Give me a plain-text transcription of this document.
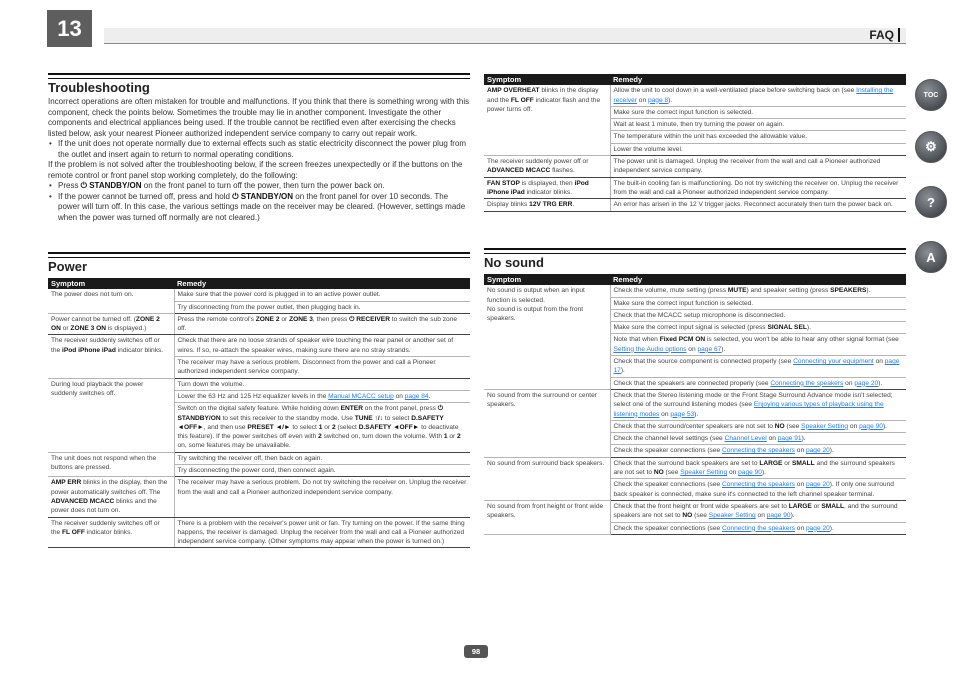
13	FAQ
Troubleshooting

Incorrect operations are often mistaken for trouble and malfunctions. If you think that there is something wrong with this component, check the points below. Sometimes the trouble may lie in another component. Investigate the other components and electrical appliances being used. If the trouble cannot be rectified even after exercising the checks listed below, ask your nearest Pioneer authorized independent service company to carry out repair work.

• If the unit does not operate normally due to external effects such as static electricity disconnect the power plug from the outlet and insert again to return to normal operating conditions.

If the problem is not solved after the troubleshooting below, if the screen freezes unexpectedly or if the buttons on the remote control or front panel stop working completely, do the following:

• Press ⏻ STANDBY/ON on the front panel to turn off the power, then turn the power back on.
• If the power cannot be turned off, press and hold ⏻ STANDBY/ON on the front panel for over 10 seconds. The power will turn off. In this case, the various settings made on the receiver may be cleared. (However, settings made when the power was turned off normally are not cleared.)
Power
Symptom	Remedy
The power does not turn on.	Make sure that the power cord is plugged in to an active power outlet.
	Try disconnecting from the power outlet, then plugging back in.
Power cannot be turned off. (ZONE 2 ON or ZONE 3 ON is displayed.)	Press the remote control's ZONE 2 or ZONE 3, then press ⏻ RECEIVER to switch the sub zone off.
The receiver suddenly switches off or the iPod iPhone iPad indicator blinks.	Check that there are no loose strands of speaker wire touching the rear panel or another set of wires. If so, re-attach the speaker wires, making sure there are no stray strands.
	The receiver may have a serious problem. Disconnect from the power and call a Pioneer authorized independent service company.
During loud playback the power suddenly switches off.	Turn down the volume.
	Lower the 63 Hz and 125 Hz equalizer levels in the Manual MCACC setup on page 84.
	Switch on the digital safety feature. While holding down ENTER on the front panel, press ⏻ STANDBY/ON to set this receiver to the standby mode. Use TUNE ↑/↓ to select D.SAFETY ◄OFF►, and then use PRESET ◄/► to select 1 or 2 (select D.SAFETY ◄OFF► to deactivate this feature). If the power switches off even with 2 switched on, turn down the volume. With 1 or 2 on, some features may be unavailable.
The unit does not respond when the buttons are pressed.	Try switching the receiver off, then back on again.
	Try disconnecting the power cord, then connect again.
AMP ERR blinks in the display, then the power automatically switches off. The ADVANCED MCACC blinks and the power does not turn on.	The receiver may have a serious problem. Do not try switching the receiver on. Unplug the receiver from the wall and call a Pioneer authorized independent service company.
The receiver suddenly switches off or the FL OFF indicator blinks.	There is a problem with the receiver's power unit or fan. Try turning on the power. If the same thing happens, the receiver is damaged. Unplug the receiver from the wall and call a Pioneer authorized independent service company. (Other symptoms may appear when the power is turned on.)
Symptom	Remedy
AMP OVERHEAT blinks in the display and the FL OFF indicator flash and the power turns off.	Allow the unit to cool down in a well-ventilated place before switching back on (see Installing the receiver on page 8).
	Make sure the correct input function is selected.
	Wait at least 1 minute, then try turning the power on again.
	The temperature within the unit has exceeded the allowable value.
	Lower the volume level.
The receiver suddenly power off or ADVANCED MCACC flashes.	The power unit is damaged. Unplug the receiver from the wall and call a Pioneer authorized independent service company.
FAN STOP is displayed, then iPod iPhone iPad indicator blinks.	The built-in cooling fan is malfunctioning. Do not try switching the receiver on. Unplug the receiver from the wall and call a Pioneer authorized independent service company.
Display blinks 12V TRG ERR.	An error has arisen in the 12 V trigger jacks. Reconnect accurately then turn the power back on.
No sound
Symptom	Remedy
No sound is output when an input function is selected.
No sound is output from the front speakers.	Check the volume, mute setting (press MUTE) and speaker setting (press SPEAKERS).
	Make sure the correct input function is selected.
	Check that the MCACC setup microphone is disconnected.
	Make sure the correct input signal is selected (press SIGNAL SEL).
	Note that when Fixed PCM ON is selected, you won't be able to hear any other signal format (see Setting the Audio options on page 67).
	Check that the source component is connected properly (see Connecting your equipment on page 17).
	Check that the speakers are connected properly (see Connecting the speakers on page 20).
No sound from the surround or center speakers.	Check that the Stereo listening mode or the Front Stage Surround Advance mode isn't selected; select one of the surround listening modes (see Enjoying various types of playback using the listening modes on page 53).
	Check that the surround/center speakers are not set to NO (see Speaker Setting on page 90).
	Check the channel level settings (see Channel Level on page 91).
	Check the speaker connections (see Connecting the speakers on page 20).
No sound from surround back speakers.	Check that the surround back speakers are set to LARGE or SMALL and the surround speakers are not set to NO (see Speaker Setting on page 90).
	Check the speaker connections (see Connecting the speakers on page 20). If only one surround back speaker is connected, make sure it's connected to the left channel speaker terminal.
No sound from front height or front wide speakers.	Check that the front height or front wide speakers are set to LARGE or SMALL, and the surround speakers are not set to NO (see Speaker Setting on page 90).
	Check the speaker connections (see Connecting the speakers on page 20).
TOC
⚙
?
A
98
